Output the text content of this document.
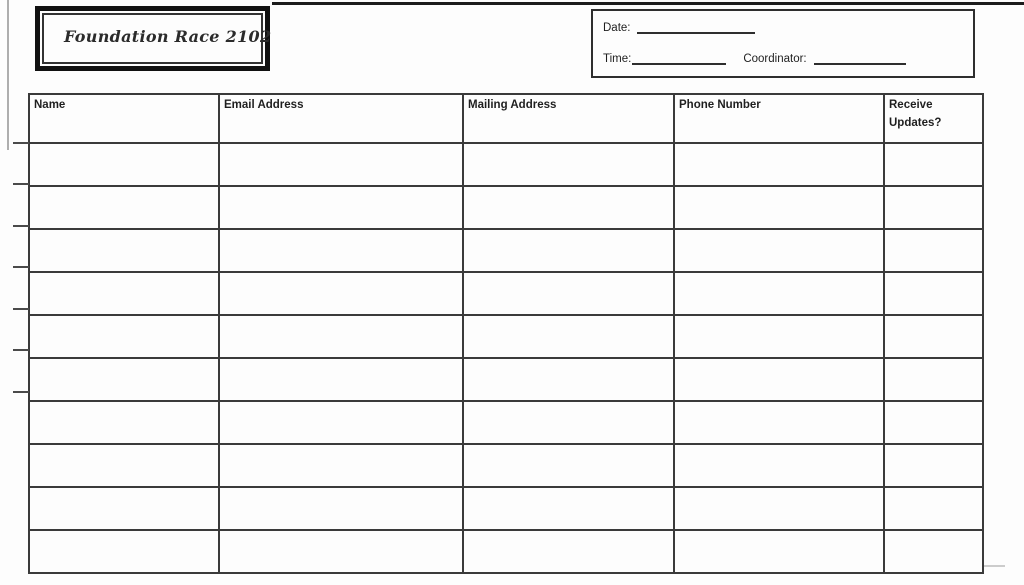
Foundation Race 2102	Date:
Time:	Coordinator:
Name	Email Address	Mailing Address	Phone Number	Receive Updates?
